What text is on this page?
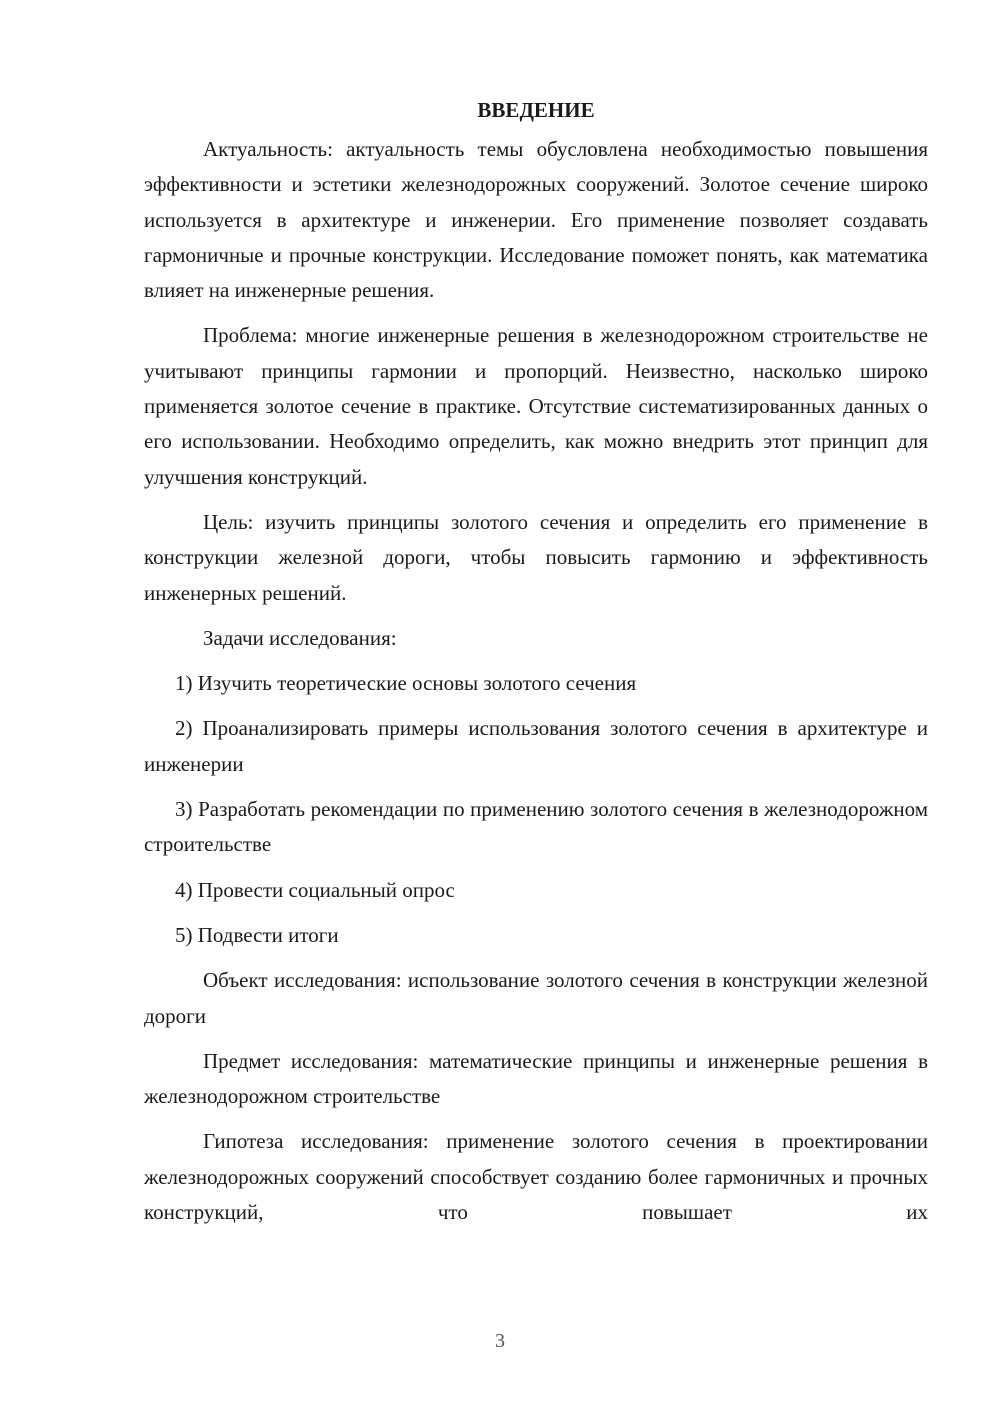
ВВЕДЕНИЕ

Актуальность: актуальность темы обусловлена необходимостью повышения эффективности и эстетики железнодорожных сооружений. Золотое сечение широко используется в архитектуре и инженерии. Его применение позволяет создавать гармоничные и прочные конструкции. Исследование поможет понять, как математика влияет на инженерные решения.

Проблема: многие инженерные решения в железнодорожном строительстве не учитывают принципы гармонии и пропорций. Неизвестно, насколько широко применяется золотое сечение в практике. Отсутствие систематизированных данных о его использовании. Необходимо определить, как можно внедрить этот принцип для улучшения конструкций.

Цель: изучить принципы золотого сечения и определить его применение в конструкции железной дороги, чтобы повысить гармонию и эффективность инженерных решений.

Задачи исследования:

1) Изучить теоретические основы золотого сечения

2) Проанализировать примеры использования золотого сечения в архитектуре и инженерии

3) Разработать рекомендации по применению золотого сечения в железнодорожном строительстве

4) Провести социальный опрос

5) Подвести итоги

Объект исследования: использование золотого сечения в конструкции железной дороги

Предмет исследования: математические принципы и инженерные решения в железнодорожном строительстве

Гипотеза исследования: применение золотого сечения в проектировании железнодорожных сооружений способствует созданию более гармоничных и прочных конструкций, что повышает их

3
